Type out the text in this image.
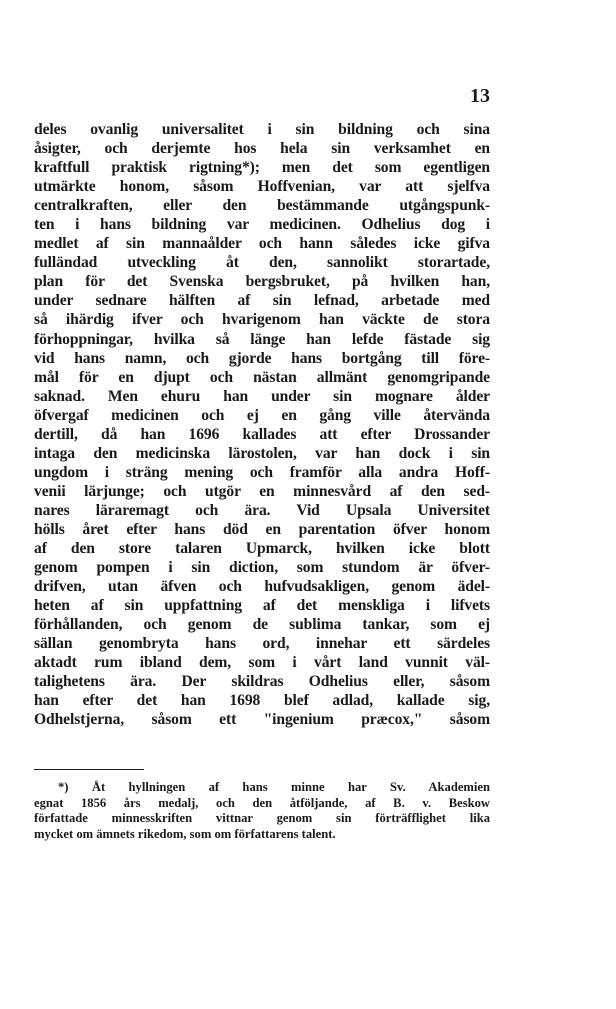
13
deles ovanlig universalitet i sin bildning och sina
åsigter, och derjemte hos hela sin verksamhet en
kraftfull praktisk rigtning*); men det som egentligen
utmärkte honom, såsom Hoffvenian, var att sjelfva
centralkraften, eller den bestämmande utgångspunk-
ten i hans bildning var medicinen. Odhelius dog i
medlet af sin mannaålder och hann således icke gifva
fulländad utveckling åt den, sannolikt storartade,
plan för det Svenska bergsbruket, på hvilken han,
under sednare hälften af sin lefnad, arbetade med
så ihärdig ifver och hvarigenom han väckte de stora
förhoppningar, hvilka så länge han lefde fästade sig
vid hans namn, och gjorde hans bortgång till före-
mål för en djupt och nästan allmänt genomgripande
saknad. Men ehuru han under sin mognare ålder
öfvergaf medicinen och ej en gång ville återvända
dertill, då han 1696 kallades att efter Drossander
intaga den medicinska lärostolen, var han dock i sin
ungdom i sträng mening och framför alla andra Hoff-
venii lärjunge; och utgör en minnesvård af den sed-
nares läraremagt och ära. Vid Upsala Universitet
hölls året efter hans död en parentation öfver honom
af den store talaren Upmarck, hvilken icke blott
genom pompen i sin diction, som stundom är öfver-
drifven, utan äfven och hufvudsakligen, genom ädel-
heten af sin uppfattning af det menskliga i lifvets
förhållanden, och genom de sublima tankar, som ej
sällan genombryta hans ord, innehar ett särdeles
aktadt rum ibland dem, som i vårt land vunnit väl-
talighetens ära. Der skildras Odhelius eller, såsom
han efter det han 1698 blef adlad, kallade sig,
Odhelstjerna, såsom ett "ingenium præcox," såsom
*) Åt hyllningen af hans minne har Sv. Akademien
egnat 1856 års medalj, och den åtföljande, af B. v. Beskow
författade minnesskriften vittnar genom sin förträfflighet lika
mycket om ämnets rikedom, som om författarens talent.
